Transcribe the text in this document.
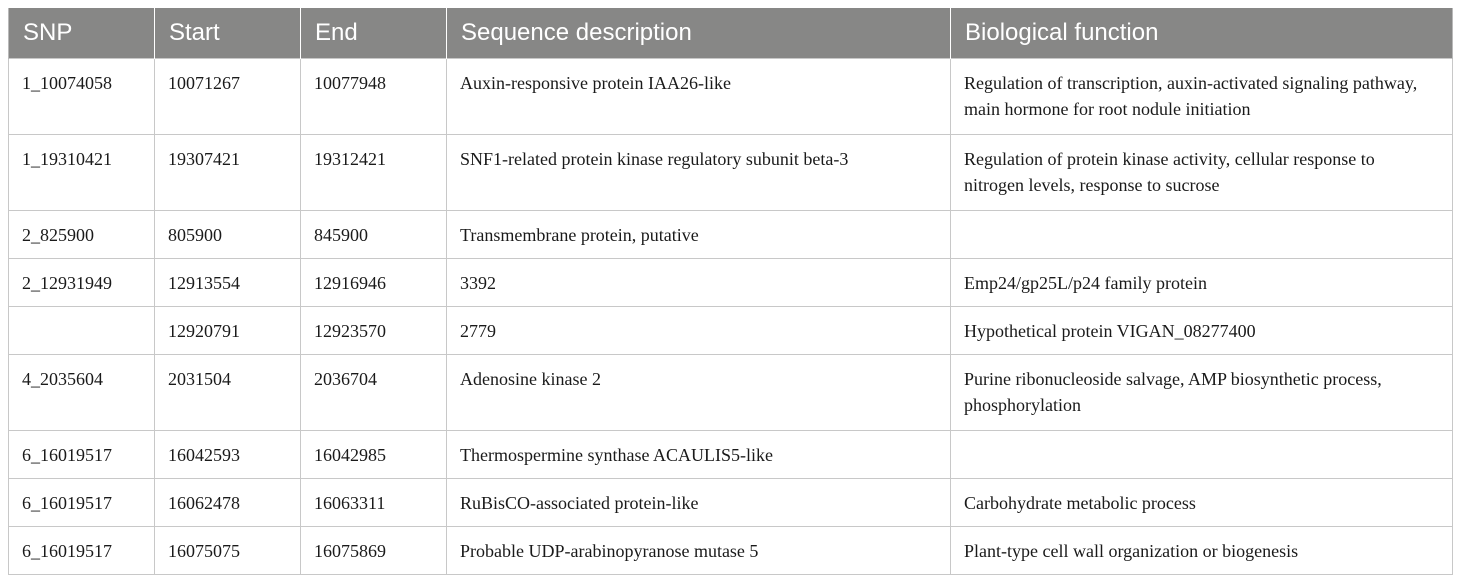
SNP	Start	End	Sequence description	Biological function
1_10074058	10071267	10077948	Auxin-responsive protein IAA26-like	Regulation of transcription, auxin-activated signaling pathway, main hormone for root nodule initiation
1_19310421	19307421	19312421	SNF1-related protein kinase regulatory subunit beta-3	Regulation of protein kinase activity, cellular response to nitrogen levels, response to sucrose
2_825900	805900	845900	Transmembrane protein, putative	
2_12931949	12913554	12916946	3392	Emp24/gp25L/p24 family protein
	12920791	12923570	2779	Hypothetical protein VIGAN_08277400
4_2035604	2031504	2036704	Adenosine kinase 2	Purine ribonucleoside salvage, AMP biosynthetic process, phosphorylation
6_16019517	16042593	16042985	Thermospermine synthase ACAULIS5-like	
6_16019517	16062478	16063311	RuBisCO-associated protein-like	Carbohydrate metabolic process
6_16019517	16075075	16075869	Probable UDP-arabinopyranose mutase 5	Plant-type cell wall organization or biogenesis
